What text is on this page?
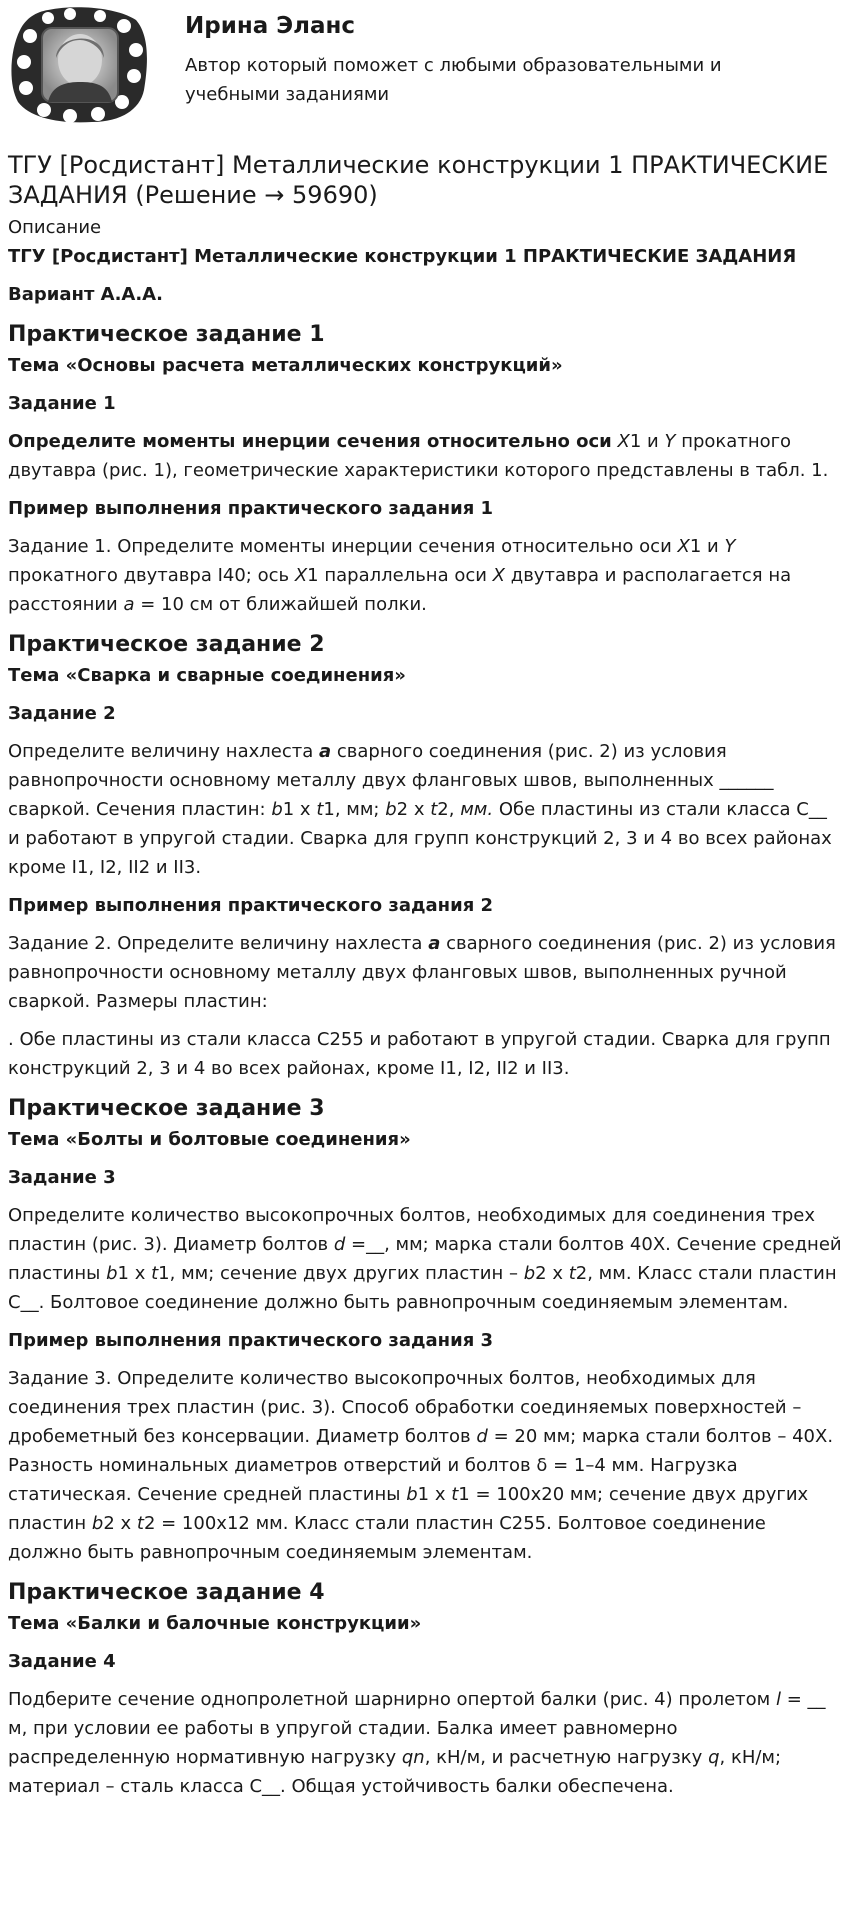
Ирина Эланс

Автор который поможет с любыми образовательными и учебными заданиями

ТГУ [Росдистант] Металлические конструкции 1 ПРАКТИЧЕСКИЕ ЗАДАНИЯ (Решение → 59690)
Описание

ТГУ [Росдистант] Металлические конструкции 1 ПРАКТИЧЕСКИЕ ЗАДАНИЯ

Вариант А.А.А.

Практическое задание 1

Тема «Основы расчета металлических конструкций»

Задание 1

Определите моменты инерции сечения относительно оси X1 и Y прокатного двутавра (рис. 1), геометрические характеристики которого представлены в табл. 1.

Пример выполнения практического задания 1

Задание 1. Определите моменты инерции сечения относительно оси X1 и Y прокатного двутавра I40; ось X1 параллельна оси X двутавра и располагается на расстоянии a = 10 см от ближайшей полки.

Практическое задание 2

Тема «Сварка и сварные соединения»

Задание 2

Определите величину нахлеста а сварного соединения (рис. 2) из условия равнопрочности основному металлу двух фланговых швов, выполненных ______ сваркой. Сечения пластин: b1 х t1, мм; b2 х t2, мм. Обе пластины из стали класса С__ и работают в упругой стадии. Сварка для групп конструкций 2, 3 и 4 во всех районах кроме I1, I2, II2 и II3.

Пример выполнения практического задания 2

Задание 2. Определите величину нахлеста а сварного соединения (рис. 2) из условия равнопрочности основному металлу двух фланговых швов, выполненных ручной сваркой. Размеры пластин:

. Обе пластины из стали класса С255 и работают в упругой стадии. Сварка для групп конструкций 2, 3 и 4 во всех районах, кроме I1, I2, II2 и II3.

Практическое задание 3

Тема «Болты и болтовые соединения»

Задание 3

Определите количество высокопрочных болтов, необходимых для соединения трех пластин (рис. 3). Диаметр болтов d =__, мм; марка стали болтов 40Х. Сечение средней пластины b1 х t1, мм; сечение двух других пластин – b2 х t2, мм. Класс стали пластин С__. Болтовое соединение должно быть равнопрочным соединяемым элементам.

Пример выполнения практического задания 3

Задание 3. Определите количество высокопрочных болтов, необходимых для соединения трех пластин (рис. 3). Способ обработки соединяемых поверхностей – дробеметный без консервации. Диаметр болтов d = 20 мм; марка стали болтов – 40Х. Разность номинальных диаметров отверстий и болтов δ = 1–4 мм. Нагрузка статическая. Сечение средней пластины b1 х t1 = 100х20 мм; сечение двух других пластин b2 х t2 = 100х12 мм. Класс стали пластин С255. Болтовое соединение должно быть равнопрочным соединяемым элементам.

Практическое задание 4

Тема «Балки и балочные конструкции»

Задание 4

Подберите сечение однопролетной шарнирно опертой балки (рис. 4) пролетом l = __ м, при условии ее работы в упругой стадии. Балка имеет равномерно распределенную нормативную нагрузку qn, кН/м, и расчетную нагрузку q, кН/м; материал – сталь класса С__. Общая устойчивость балки обеспечена.
